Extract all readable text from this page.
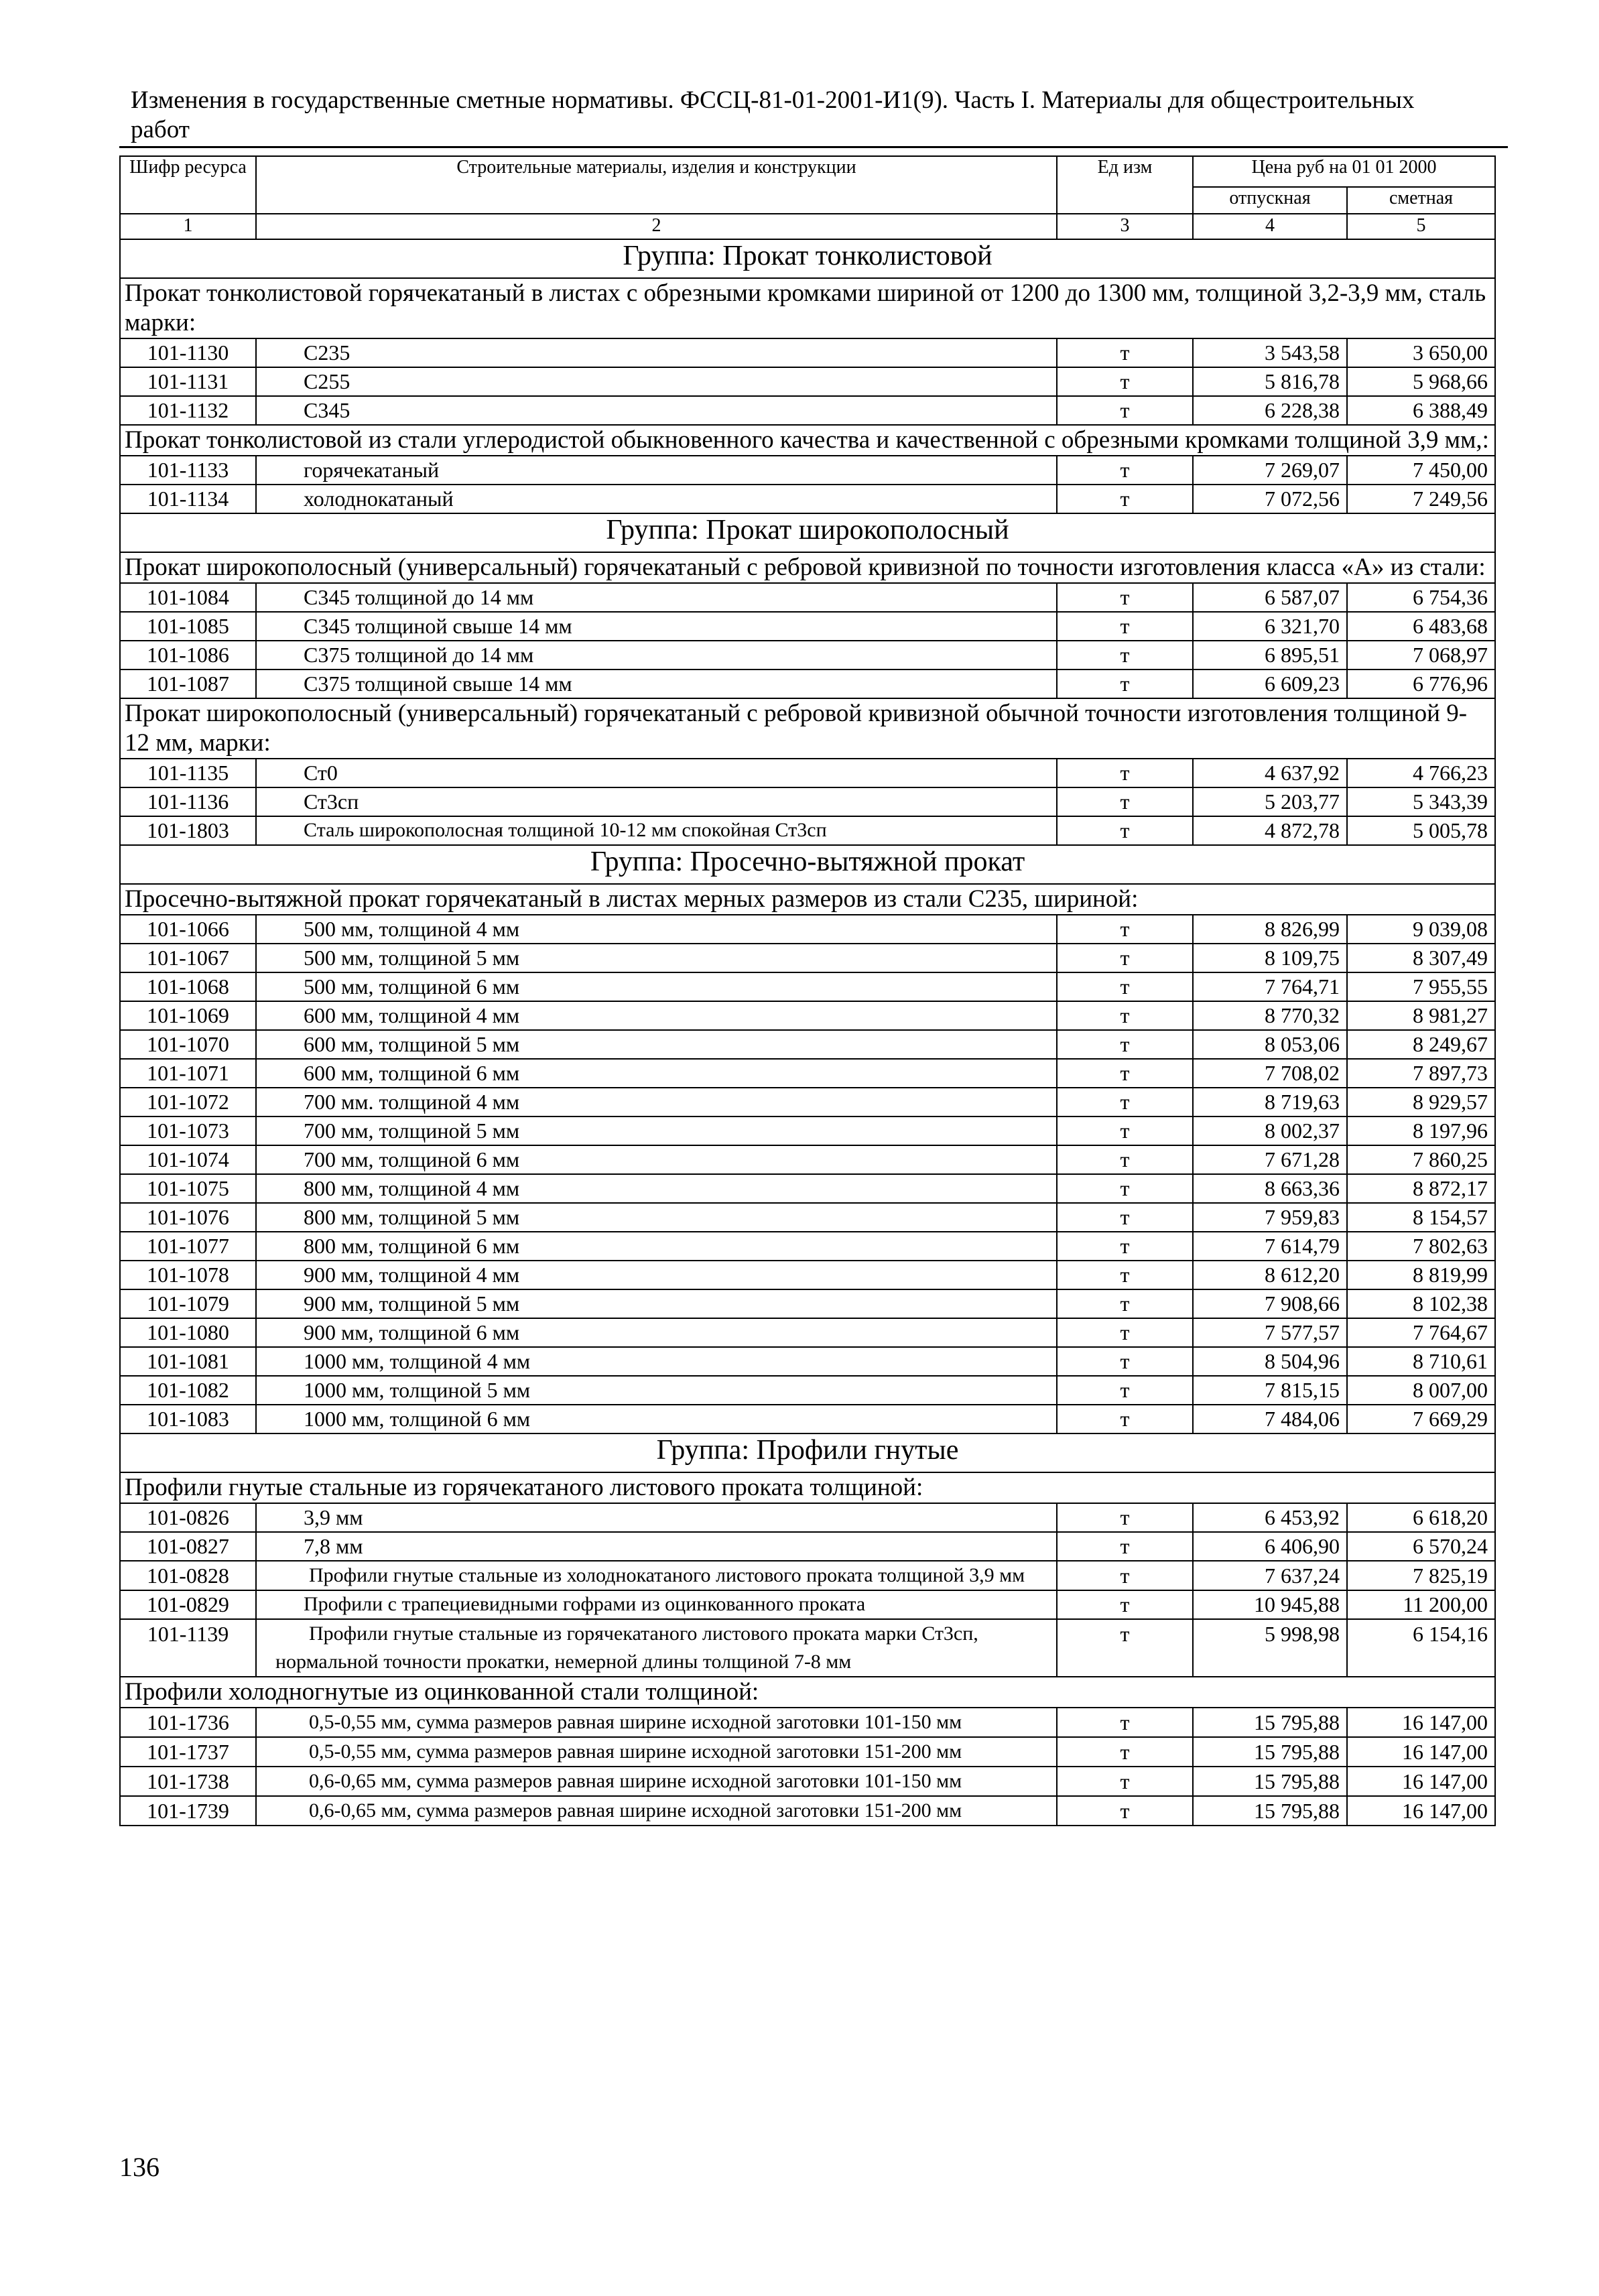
Изменения в государственные сметные нормативы. ФССЦ-81-01-2001-И1(9). Часть I. Материалы для общестроительных работ
Шифр ресурса	Строительные материалы, изделия и конструкции	Ед изм	Цена руб на 01 01 2000	
			отпускная	сметная
1	2	3	4	5
Группа: Прокат тонколистовой				
Прокат тонколистовой горячекатаный в листах с обрезными кромками шириной от 1200 до 1300 мм, толщиной 3,2-3,9 мм, сталь марки:				
101-1130	С235	т	3 543,58	3 650,00
101-1131	С255	т	5 816,78	5 968,66
101-1132	С345	т	6 228,38	6 388,49
Прокат тонколистовой из стали углеродистой обыкновенного качества и качественной с обрезными кромками толщиной 3,9 мм,:				
101-1133	горячекатаный	т	7 269,07	7 450,00
101-1134	холоднокатаный	т	7 072,56	7 249,56
Группа: Прокат широкополосный				
Прокат широкополосный (универсальный) горячекатаный с ребровой кривизной по точности изготовления класса «А» из стали:				
101-1084	С345 толщиной до 14 мм	т	6 587,07	6 754,36
101-1085	С345 толщиной свыше 14 мм	т	6 321,70	6 483,68
101-1086	С375 толщиной до 14 мм	т	6 895,51	7 068,97
101-1087	С375 толщиной свыше 14 мм	т	6 609,23	6 776,96
Прокат широкополосный (универсальный) горячекатаный с ребровой кривизной обычной точности изготовления толщиной 9-12 мм, марки:				
101-1135	Ст0	т	4 637,92	4 766,23
101-1136	Ст3сп	т	5 203,77	5 343,39
101-1803	Сталь широкополосная толщиной 10-12 мм спокойная Ст3сп	т	4 872,78	5 005,78
Группа: Просечно-вытяжной прокат				
Просечно-вытяжной прокат горячекатаный в листах мерных размеров из стали С235, шириной:				
101-1066	500 мм, толщиной 4 мм	т	8 826,99	9 039,08
101-1067	500 мм, толщиной 5 мм	т	8 109,75	8 307,49
101-1068	500 мм, толщиной 6 мм	т	7 764,71	7 955,55
101-1069	600 мм, толщиной 4 мм	т	8 770,32	8 981,27
101-1070	600 мм, толщиной 5 мм	т	8 053,06	8 249,67
101-1071	600 мм, толщиной 6 мм	т	7 708,02	7 897,73
101-1072	700 мм. толщиной 4 мм	т	8 719,63	8 929,57
101-1073	700 мм, толщиной 5 мм	т	8 002,37	8 197,96
101-1074	700 мм, толщиной 6 мм	т	7 671,28	7 860,25
101-1075	800 мм, толщиной 4 мм	т	8 663,36	8 872,17
101-1076	800 мм, толщиной 5 мм	т	7 959,83	8 154,57
101-1077	800 мм, толщиной 6 мм	т	7 614,79	7 802,63
101-1078	900 мм, толщиной 4 мм	т	8 612,20	8 819,99
101-1079	900 мм, толщиной 5 мм	т	7 908,66	8 102,38
101-1080	900 мм, толщиной 6 мм	т	7 577,57	7 764,67
101-1081	1000 мм, толщиной 4 мм	т	8 504,96	8 710,61
101-1082	1000 мм, толщиной 5 мм	т	7 815,15	8 007,00
101-1083	1000 мм, толщиной 6 мм	т	7 484,06	7 669,29
Группа: Профили гнутые				
Профили гнутые стальные из горячекатаного листового проката толщиной:				
101-0826	3,9 мм	т	6 453,92	6 618,20
101-0827	7,8 мм	т	6 406,90	6 570,24
101-0828	Профили гнутые стальные из холоднокатаного листового проката толщиной 3,9 мм	т	7 637,24	7 825,19
101-0829	Профили с трапециевидными гофрами из оцинкованного проката	т	10 945,88	11 200,00
101-1139	Профили гнутые стальные из горячекатаного листового проката марки Ст3сп, нормальной точности прокатки, немерной длины толщиной 7-8 мм	т	5 998,98	6 154,16
Профили холодногнутые из оцинкованной стали толщиной:				
101-1736	0,5-0,55 мм, сумма размеров равная ширине исходной заготовки 101-150 мм	т	15 795,88	16 147,00
101-1737	0,5-0,55 мм, сумма размеров равная ширине исходной заготовки 151-200 мм	т	15 795,88	16 147,00
101-1738	0,6-0,65 мм, сумма размеров равная ширине исходной заготовки 101-150 мм	т	15 795,88	16 147,00
101-1739	0,6-0,65 мм, сумма размеров равная ширине исходной заготовки 151-200 мм	т	15 795,88	16 147,00
136
